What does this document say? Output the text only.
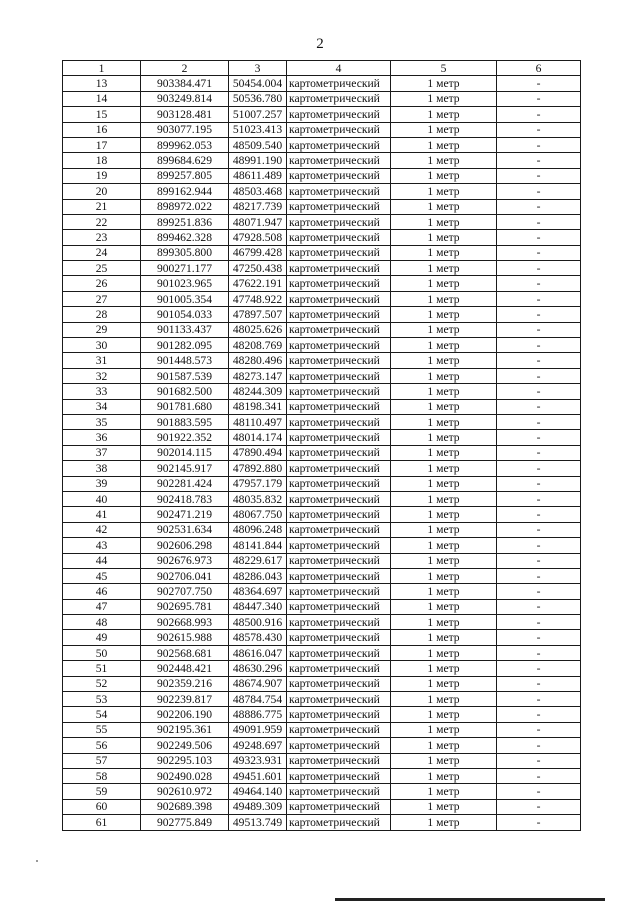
2
1	2	3	4	5	6
13	903384.471	50454.004	картометрический	1 метр	-
14	903249.814	50536.780	картометрический	1 метр	-
15	903128.481	51007.257	картометрический	1 метр	-
16	903077.195	51023.413	картометрический	1 метр	-
17	899962.053	48509.540	картометрический	1 метр	-
18	899684.629	48991.190	картометрический	1 метр	-
19	899257.805	48611.489	картометрический	1 метр	-
20	899162.944	48503.468	картометрический	1 метр	-
21	898972.022	48217.739	картометрический	1 метр	-
22	899251.836	48071.947	картометрический	1 метр	-
23	899462.328	47928.508	картометрический	1 метр	-
24	899305.800	46799.428	картометрический	1 метр	-
25	900271.177	47250.438	картометрический	1 метр	-
26	901023.965	47622.191	картометрический	1 метр	-
27	901005.354	47748.922	картометрический	1 метр	-
28	901054.033	47897.507	картометрический	1 метр	-
29	901133.437	48025.626	картометрический	1 метр	-
30	901282.095	48208.769	картометрический	1 метр	-
31	901448.573	48280.496	картометрический	1 метр	-
32	901587.539	48273.147	картометрический	1 метр	-
33	901682.500	48244.309	картометрический	1 метр	-
34	901781.680	48198.341	картометрический	1 метр	-
35	901883.595	48110.497	картометрический	1 метр	-
36	901922.352	48014.174	картометрический	1 метр	-
37	902014.115	47890.494	картометрический	1 метр	-
38	902145.917	47892.880	картометрический	1 метр	-
39	902281.424	47957.179	картометрический	1 метр	-
40	902418.783	48035.832	картометрический	1 метр	-
41	902471.219	48067.750	картометрический	1 метр	-
42	902531.634	48096.248	картометрический	1 метр	-
43	902606.298	48141.844	картометрический	1 метр	-
44	902676.973	48229.617	картометрический	1 метр	-
45	902706.041	48286.043	картометрический	1 метр	-
46	902707.750	48364.697	картометрический	1 метр	-
47	902695.781	48447.340	картометрический	1 метр	-
48	902668.993	48500.916	картометрический	1 метр	-
49	902615.988	48578.430	картометрический	1 метр	-
50	902568.681	48616.047	картометрический	1 метр	-
51	902448.421	48630.296	картометрический	1 метр	-
52	902359.216	48674.907	картометрический	1 метр	-
53	902239.817	48784.754	картометрический	1 метр	-
54	902206.190	48886.775	картометрический	1 метр	-
55	902195.361	49091.959	картометрический	1 метр	-
56	902249.506	49248.697	картометрический	1 метр	-
57	902295.103	49323.931	картометрический	1 метр	-
58	902490.028	49451.601	картометрический	1 метр	-
59	902610.972	49464.140	картометрический	1 метр	-
60	902689.398	49489.309	картометрический	1 метр	-
61	902775.849	49513.749	картометрический	1 метр	-
